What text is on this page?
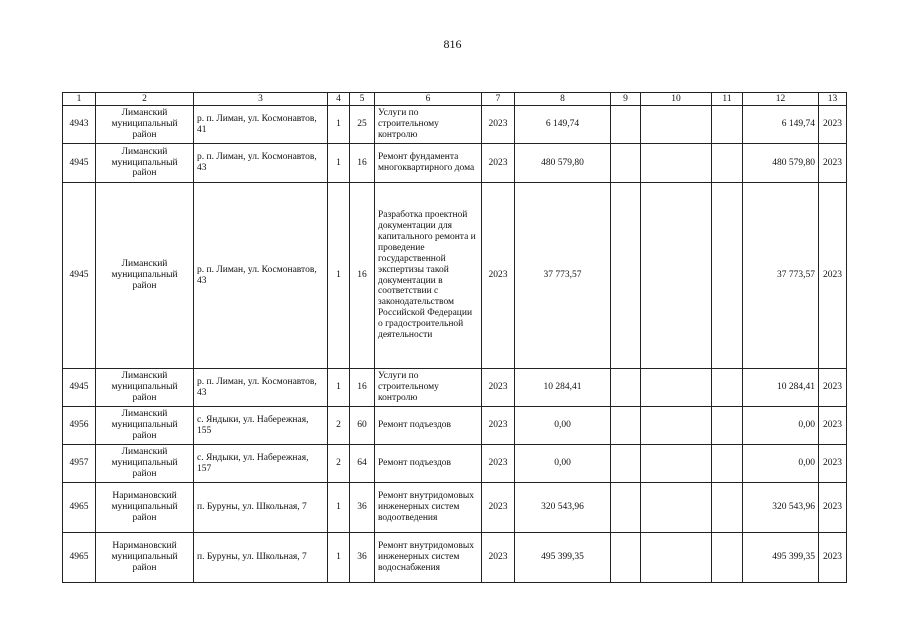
816
1	2	3	4	5	6	7	8	9	10	11	12	13
4943	Лиманский муниципальный район	р. п. Лиман, ул. Космонавтов, 41	1	25	Услуги по строительному контролю	2023	6 149,74				6 149,74	2023
4945	Лиманский муниципальный район	р. п. Лиман, ул. Космонавтов, 43	1	16	Ремонт фундамента многоквартирного дома	2023	480 579,80				480 579,80	2023
4945	Лиманский муниципальный район	р. п. Лиман, ул. Космонавтов, 43	1	16	Разработка проектной документации для капитального ремонта и проведение государственной экспертизы такой документации в соответствии с законодательством Российской Федерации о градостроительной деятельности	2023	37 773,57				37 773,57	2023
4945	Лиманский муниципальный район	р. п. Лиман, ул. Космонавтов, 43	1	16	Услуги по строительному контролю	2023	10 284,41				10 284,41	2023
4956	Лиманский муниципальный район	с. Яндыки, ул. Набережная, 155	2	60	Ремонт подъездов	2023	0,00				0,00	2023
4957	Лиманский муниципальный район	с. Яндыки, ул. Набережная, 157	2	64	Ремонт подъездов	2023	0,00				0,00	2023
4965	Наримановский муниципальный район	п. Буруны, ул. Школьная, 7	1	36	Ремонт внутридомовых инженерных систем водоотведения	2023	320 543,96				320 543,96	2023
4965	Наримановский муниципальный район	п. Буруны, ул. Школьная, 7	1	36	Ремонт внутридомовых инженерных систем водоснабжения	2023	495 399,35				495 399,35	2023
